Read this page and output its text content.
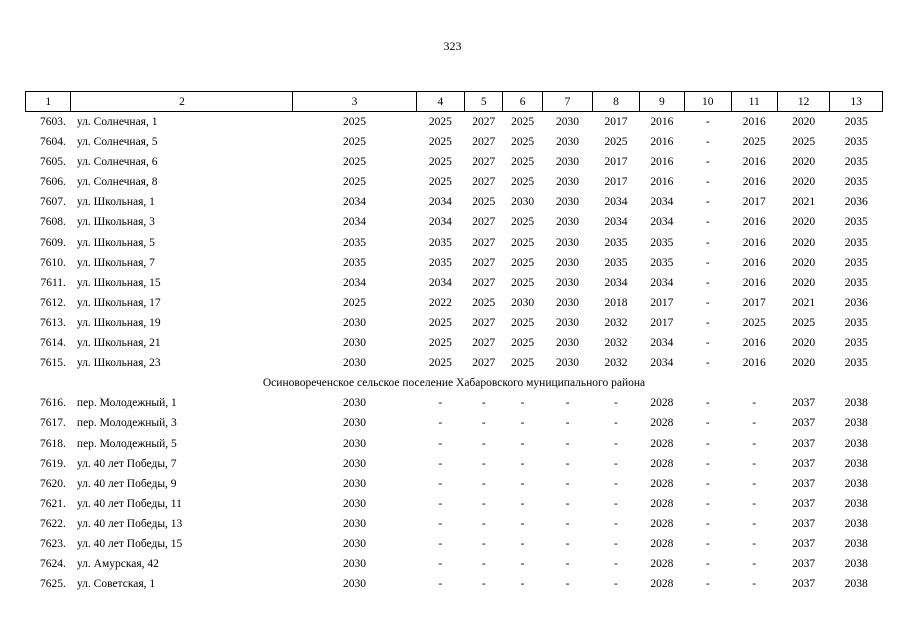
323
1	2	3	4	5	6	7	8	9	10	11	12	13
7603.	ул. Солнечная, 1	2025	2025	2027	2025	2030	2017	2016	-	2016	2020	2035
7604.	ул. Солнечная, 5	2025	2025	2027	2025	2030	2025	2016	-	2025	2025	2035
7605.	ул. Солнечная, 6	2025	2025	2027	2025	2030	2017	2016	-	2016	2020	2035
7606.	ул. Солнечная, 8	2025	2025	2027	2025	2030	2017	2016	-	2016	2020	2035
7607.	ул. Школьная, 1	2034	2034	2025	2030	2030	2034	2034	-	2017	2021	2036
7608.	ул. Школьная, 3	2034	2034	2027	2025	2030	2034	2034	-	2016	2020	2035
7609.	ул. Школьная, 5	2035	2035	2027	2025	2030	2035	2035	-	2016	2020	2035
7610.	ул. Школьная, 7	2035	2035	2027	2025	2030	2035	2035	-	2016	2020	2035
7611.	ул. Школьная, 15	2034	2034	2027	2025	2030	2034	2034	-	2016	2020	2035
7612.	ул. Школьная, 17	2025	2022	2025	2030	2030	2018	2017	-	2017	2021	2036
7613.	ул. Школьная, 19	2030	2025	2027	2025	2030	2032	2017	-	2025	2025	2035
7614.	ул. Школьная, 21	2030	2025	2027	2025	2030	2032	2034	-	2016	2020	2035
7615.	ул. Школьная, 23	2030	2025	2027	2025	2030	2032	2034	-	2016	2020	2035
Осиновореченское сельское поселение Хабаровского муниципального района												
7616.	пер. Молодежный, 1	2030	-	-	-	-	-	2028	-	-	2037	2038
7617.	пер. Молодежный, 3	2030	-	-	-	-	-	2028	-	-	2037	2038
7618.	пер. Молодежный, 5	2030	-	-	-	-	-	2028	-	-	2037	2038
7619.	ул. 40 лет Победы, 7	2030	-	-	-	-	-	2028	-	-	2037	2038
7620.	ул. 40 лет Победы, 9	2030	-	-	-	-	-	2028	-	-	2037	2038
7621.	ул. 40 лет Победы, 11	2030	-	-	-	-	-	2028	-	-	2037	2038
7622.	ул. 40 лет Победы, 13	2030	-	-	-	-	-	2028	-	-	2037	2038
7623.	ул. 40 лет Победы, 15	2030	-	-	-	-	-	2028	-	-	2037	2038
7624.	ул. Амурская, 42	2030	-	-	-	-	-	2028	-	-	2037	2038
7625.	ул. Советская, 1	2030	-	-	-	-	-	2028	-	-	2037	2038
